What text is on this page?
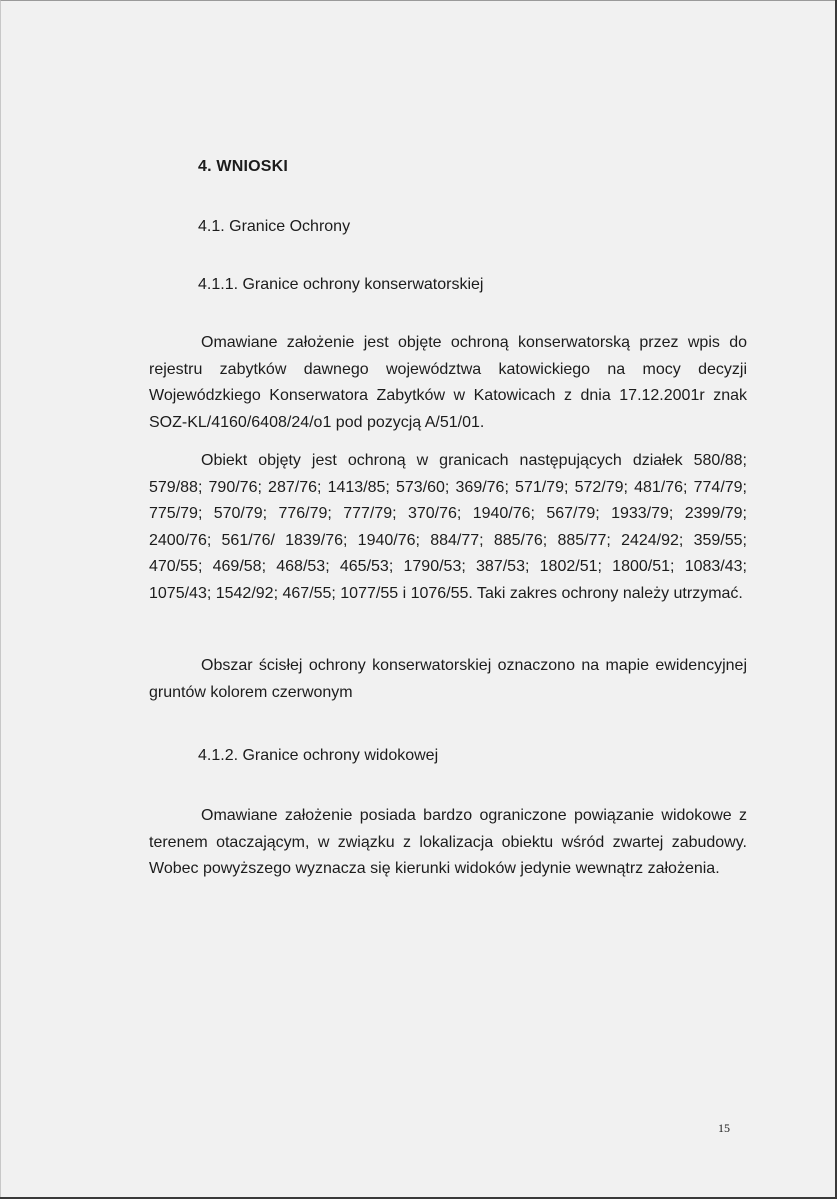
4. WNIOSKI
4.1. Granice Ochrony
4.1.1. Granice ochrony konserwatorskiej
Omawiane założenie jest objęte ochroną konserwatorską przez wpis do rejestru zabytków dawnego województwa katowickiego na mocy decyzji Wojewódzkiego Konserwatora Zabytków w Katowicach z dnia 17.12.2001r znak SOZ-KL/4160/6408/24/o1 pod pozycją A/51/01.
Obiekt objęty jest ochroną w granicach następujących działek 580/88; 579/88; 790/76; 287/76; 1413/85; 573/60; 369/76; 571/79; 572/79; 481/76; 774/79; 775/79; 570/79; 776/79; 777/79; 370/76; 1940/76; 567/79; 1933/79; 2399/79; 2400/76; 561/76/ 1839/76; 1940/76; 884/77; 885/76; 885/77; 2424/92; 359/55; 470/55; 469/58; 468/53; 465/53; 1790/53; 387/53; 1802/51; 1800/51; 1083/43; 1075/43; 1542/92; 467/55; 1077/55 i 1076/55. Taki zakres ochrony należy utrzymać.
Obszar ścisłej ochrony konserwatorskiej oznaczono na mapie ewidencyjnej gruntów kolorem czerwonym
4.1.2. Granice ochrony widokowej
Omawiane założenie posiada bardzo ograniczone powiązanie widokowe z terenem otaczającym, w związku z lokalizacja obiektu wśród zwartej zabudowy. Wobec powyższego wyznacza się kierunki widoków jedynie wewnątrz założenia.
15
